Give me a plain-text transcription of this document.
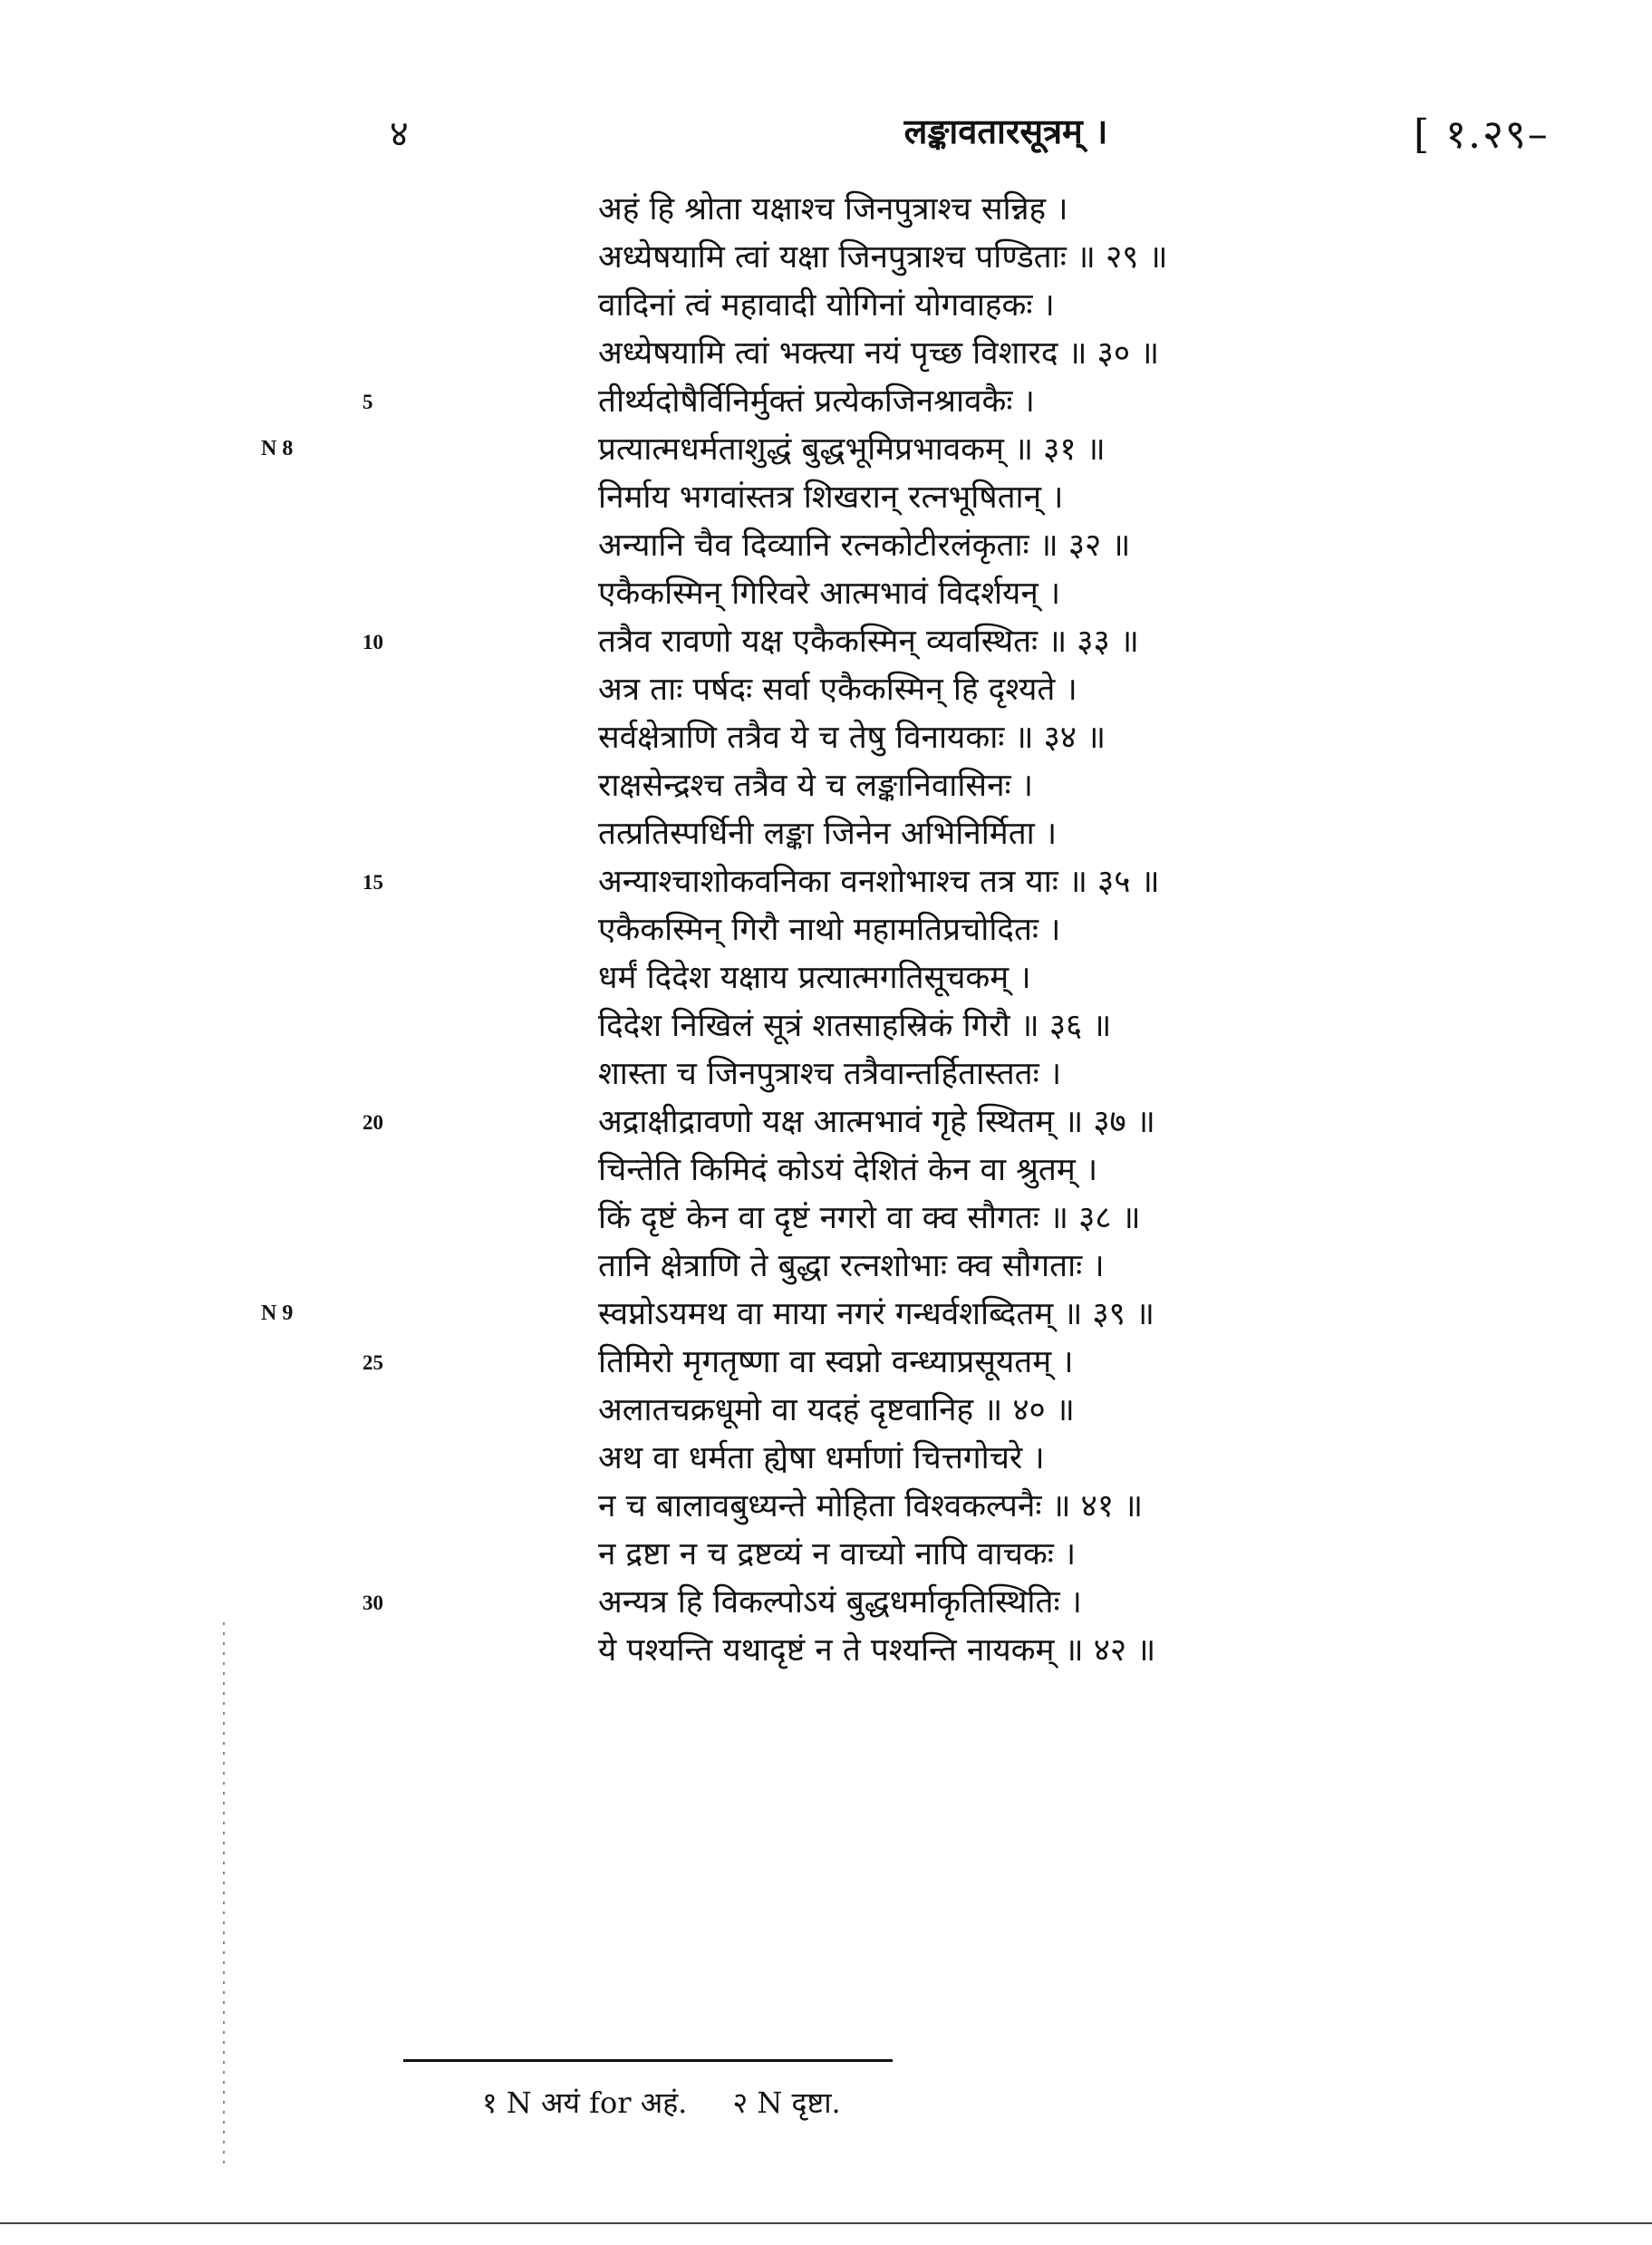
४	लङ्कावतारसूत्रम् ।	[ १.२९–
अहं हि श्रोता यक्षाश्च जिनपुत्राश्च सन्निह ।
अध्येषयामि त्वां यक्षा जिनपुत्राश्च पण्डिताः ॥ २९ ॥
वादिनां त्वं महावादी योगिनां योगवाहकः ।
अध्येषयामि त्वां भक्त्या नयं पृच्छ विशारद ॥ ३० ॥
तीर्थ्यदोषैर्विनिर्मुक्तं प्रत्येकजिनश्रावकैः ।
प्रत्यात्मधर्मताशुद्धं बुद्धभूमिप्रभावकम् ॥ ३१ ॥
निर्माय भगवांस्तत्र शिखरान् रत्नभूषितान् ।
अन्यानि चैव दिव्यानि रत्नकोटीरलंकृताः ॥ ३२ ॥
एकैकस्मिन् गिरिवरे आत्मभावं विदर्शयन् ।
तत्रैव रावणो यक्ष एकैकस्मिन् व्यवस्थितः ॥ ३३ ॥
अत्र ताः पर्षदः सर्वा एकैकस्मिन् हि दृश्यते ।
सर्वक्षेत्राणि तत्रैव ये च तेषु विनायकाः ॥ ३४ ॥
राक्षसेन्द्रश्च तत्रैव ये च लङ्कानिवासिनः ।
तत्प्रतिस्पर्धिनी लङ्का जिनेन अभिनिर्मिता ।
अन्याश्चाशोकवनिका वनशोभाश्च तत्र याः ॥ ३५ ॥
एकैकस्मिन् गिरौ नाथो महामतिप्रचोदितः ।
धर्मं दिदेश यक्षाय प्रत्यात्मगतिसूचकम् ।
दिदेश निखिलं सूत्रं शतसाहस्रिकं गिरौ ॥ ३६ ॥
शास्ता च जिनपुत्राश्च तत्रैवान्तर्हितास्ततः ।
अद्राक्षीद्रावणो यक्ष आत्मभावं गृहे स्थितम् ॥ ३७ ॥
चिन्तेति किमिदं कोऽयं देशितं केन वा श्रुतम् ।
किं दृष्टं केन वा दृष्टं नगरो वा क्व सौगतः ॥ ३८ ॥
तानि क्षेत्राणि ते बुद्धा रत्नशोभाः क्व सौगताः ।
स्वप्नोऽयमथ वा माया नगरं गन्धर्वशब्दितम् ॥ ३९ ॥
तिमिरो मृगतृष्णा वा स्वप्नो वन्ध्याप्रसूयतम् ।
अलातचक्रधूमो वा यदहं दृष्टवानिह ॥ ४० ॥
अथ वा धर्मता ह्येषा धर्माणां चित्तगोचरे ।
न च बालावबुध्यन्ते मोहिता विश्वकल्पनैः ॥ ४१ ॥
न द्रष्टा न च द्रष्टव्यं न वाच्यो नापि वाचकः ।
अन्यत्र हि विकल्पोऽयं बुद्धधर्माकृतिस्थितिः ।
ये पश्यन्ति यथादृष्टं न ते पश्यन्ति नायकम् ॥ ४२ ॥
5
10
15
20
25
30
N 8
N 9
१ N अयं for अहं. २ N दृष्टा.
